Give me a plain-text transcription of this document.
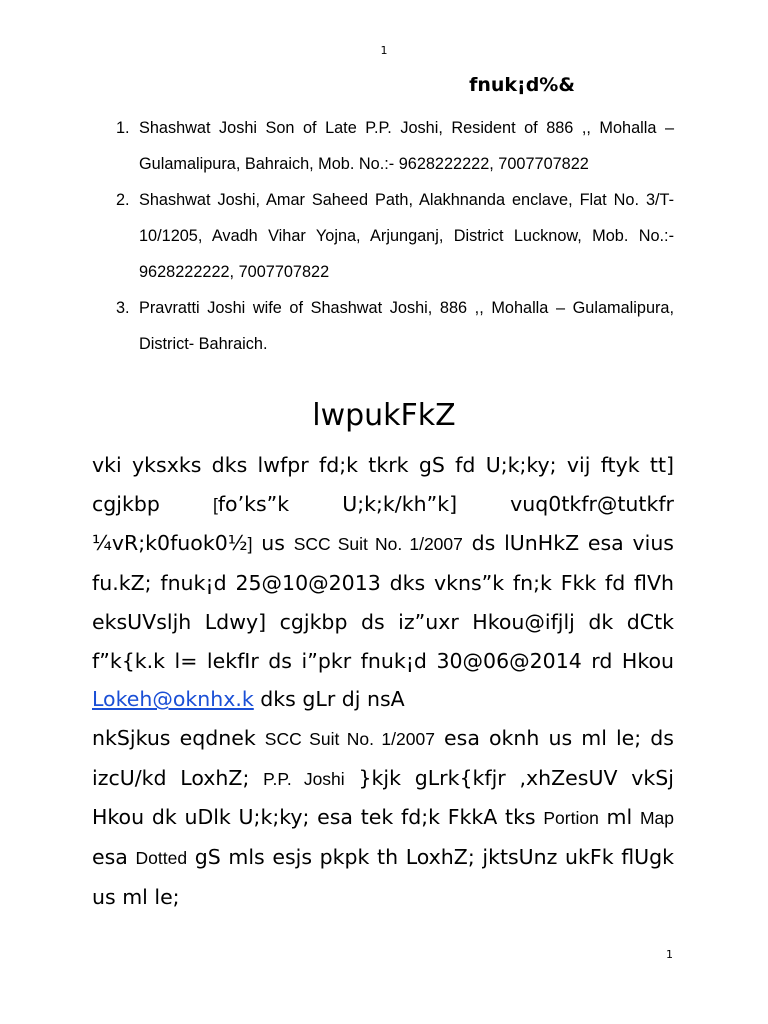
1
fnuk¡d%&
1. Shashwat Joshi Son of Late P.P. Joshi, Resident of 886 ,, Mohalla – Gulamalipura, Bahraich, Mob. No.:- 9628222222, 7007707822
2. Shashwat Joshi, Amar Saheed Path, Alakhnanda enclave, Flat No. 3/T-10/1205, Avadh Vihar Yojna, Arjunganj, District Lucknow, Mob. No.:- 9628222222, 7007707822
3. Pravratti Joshi wife of Shashwat Joshi, 886 ,, Mohalla – Gulamalipura, District- Bahraich.
lwpukFkZ

vki yksxks dks lwfpr fd;k tkrk gS fd U;k;ky; vij ftyk tt] cgjkbp [fo’ks”k U;k;k/kh”k] vuq0tkfr@tutkfr ¼vR;k0fuok0½] us SCC Suit No. 1/2007 ds lUnHkZ esa vius fu.kZ; fnuk¡d 25@10@2013 dks vkns”k fn;k Fkk fd flVh eksUVsljh Ldwy] cgjkbp ds iz”uxr Hkou@ifjlj dk dCtk f”k{k.k l= lekfIr ds i”pkr fnuk¡d 30@06@2014 rd Hkou Lokeh@oknhx.k dks gLr dj nsA

nkSjkus eqdnek SCC Suit No. 1/2007 esa oknh us ml le; ds izcU/kd LoxhZ; P.P. Joshi }kjk gLrk{kfjr ,xhZesUV vkSj Hkou dk uDlk U;k;ky; esa tek fd;k FkkA tks Portion ml Map esa Dotted gS mls esjs pkpk th LoxhZ; jktsUnz ukFk flUgk us ml le;

1
